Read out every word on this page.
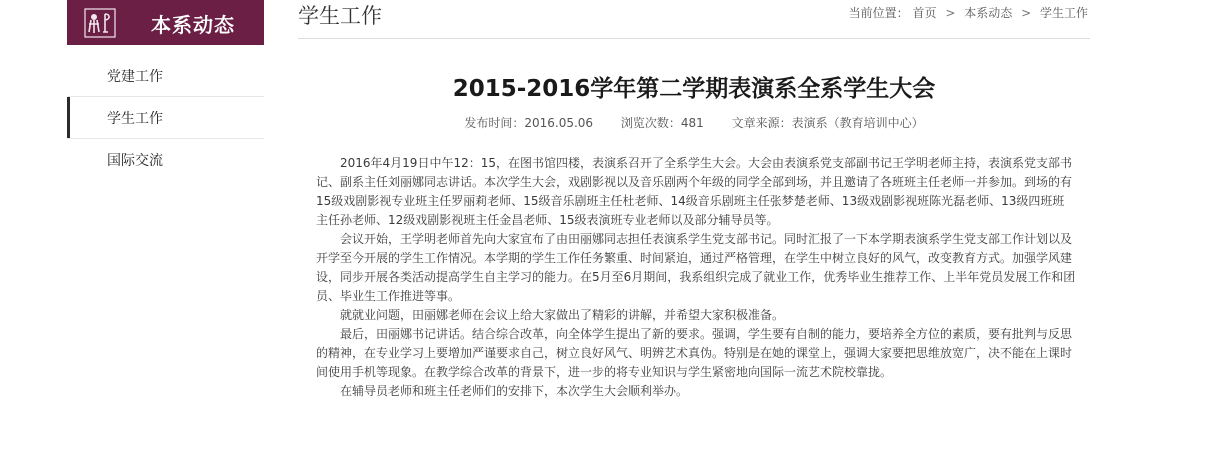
本系动态
党建工作
学生工作
国际交流
学生工作	当前位置： 首页 > 本系动态 > 学生工作
2015-2016学年第二学期表演系全系学生大会
发布时间：2016.05.06 浏览次数：481 文章来源：表演系（教育培训中心）

2016年4月19日中午12：15，在图书馆四楼，表演系召开了全系学生大会。大会由表演系党支部副书记王学明老师主持，表演系党支部书记、副系主任刘丽娜同志讲话。本次学生大会，戏剧影视以及音乐剧两个年级的同学全部到场，并且邀请了各班班主任老师一并参加。到场的有15级戏剧影视专业班主任罗丽莉老师、15级音乐剧班主任杜老师、14级音乐剧班主任张梦楚老师、13级戏剧影视班陈光磊老师、13级四班班主任孙老师、12级戏剧影视班主任金昌老师、15级表演班专业老师以及部分辅导员等。

会议开始，王学明老师首先向大家宣布了由田丽娜同志担任表演系学生党支部书记。同时汇报了一下本学期表演系学生党支部工作计划以及开学至今开展的学生工作情况。本学期的学生工作任务繁重、时间紧迫，通过严格管理，在学生中树立良好的风气，改变教育方式。加强学风建设，同步开展各类活动提高学生自主学习的能力。在5月至6月期间，我系组织完成了就业工作，优秀毕业生推荐工作、上半年党员发展工作和团员、毕业生工作推进等事。

就就业问题，田丽娜老师在会议上给大家做出了精彩的讲解，并希望大家积极准备。

最后，田丽娜书记讲话。结合综合改革，向全体学生提出了新的要求。强调，学生要有自制的能力，要培养全方位的素质，要有批判与反思的精神，在专业学习上要增加严谨要求自己，树立良好风气、明辨艺术真伪。特别是在她的课堂上，强调大家要把思维放宽广，决不能在上课时间使用手机等现象。在教学综合改革的背景下，进一步的将专业知识与学生紧密地向国际一流艺术院校靠拢。

在辅导员老师和班主任老师们的安排下，本次学生大会顺利举办。
